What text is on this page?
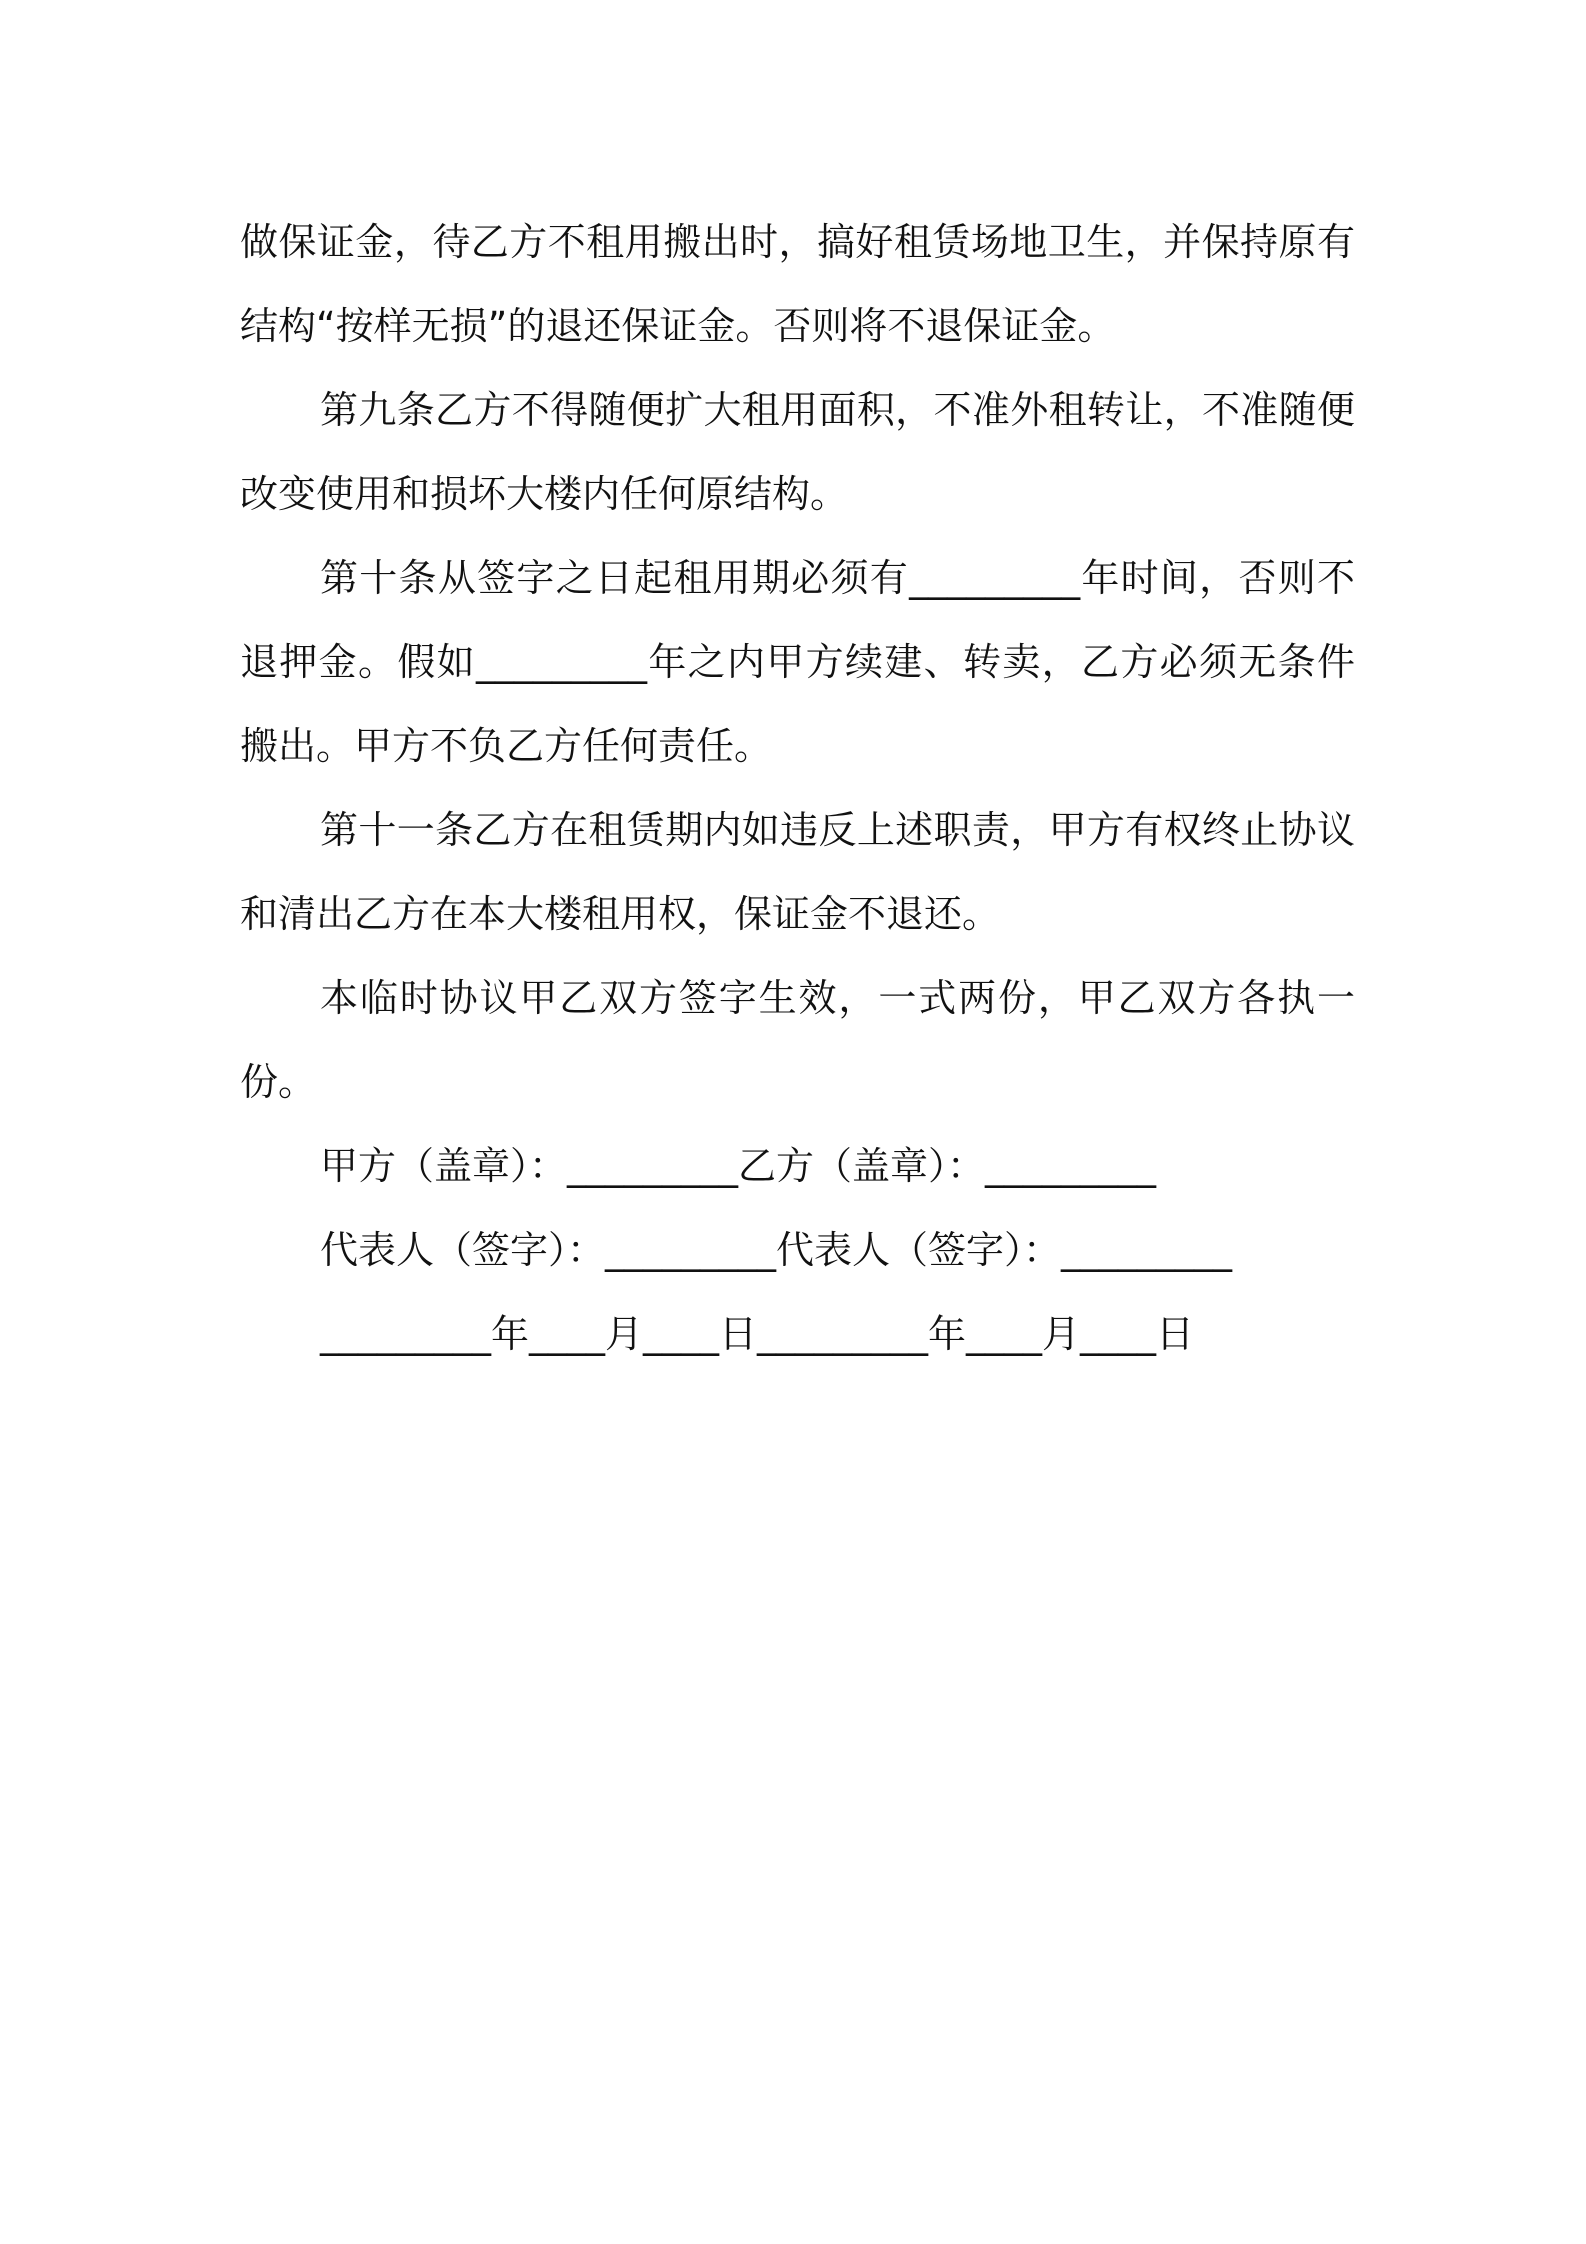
做保证金，待乙方不租用搬出时，搞好租赁场地卫生，并保持原有结构“按样无损”的退还保证金。否则将不退保证金。

第九条乙方不得随便扩大租用面积，不准外租转让，不准随便改变使用和损坏大楼内任何原结构。

第十条从签字之日起租用期必须有_________年时间，否则不退押金。假如_________年之内甲方续建、转卖，乙方必须无条件搬出。甲方不负乙方任何责任。

第十一条乙方在租赁期内如违反上述职责，甲方有权终止协议和清出乙方在本大楼租用权，保证金不退还。

本临时协议甲乙双方签字生效，一式两份，甲乙双方各执一份。

甲方（盖章）：_________乙方（盖章）：_________

代表人（签字）：_________代表人（签字）：_________

_________年____月____日_________年____月____日
